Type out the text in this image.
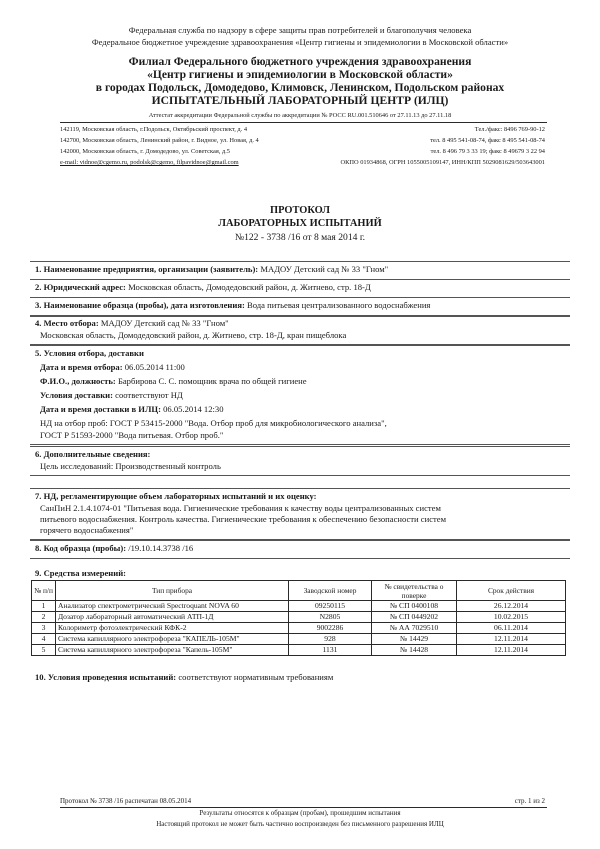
Федеральная служба по надзору в сфере защиты прав потребителей и благополучия человека
Федеральное бюджетное учреждение здравоохранения «Центр гигиены и эпидемиологии в Московской области»
Филиал Федерального бюджетного учреждения здравоохранения
«Центр гигиены и эпидемиологии в Московской области»
в городах Подольск, Домодедово, Климовск, Ленинском, Подольском районах
ИСПЫТАТЕЛЬНЫЙ ЛАБОРАТОРНЫЙ ЦЕНТР (ИЛЦ)
Аттестат аккредитации Федеральной службы по аккредитации № РОСС RU.001.510646 от 27.11.13 до 27.11.18
142119, Московская область, г.Подольск, Октябрьский проспект, д. 4
142700, Московская область, Ленинский район, г. Видное, ул. Новая, д. 4
142000, Московская область, г. Домодедово, ул. Советская, д.5
e-mail: vidnoe@cgemo.ru, podolsk@cgemo, filpavidnoe@gmail.com
Тел./факс: 8496 769-90-12
тел. 8 495 541-08-74, факс 8 495 541-08-74
тел. 8 496 79 3 33 19; факс 8 49679 3 22 94
ОКПО 01934868, ОГРН 1055005109147, ИНН/КПП 5029081629/503643001
ПРОТОКОЛ
ЛАБОРАТОРНЫХ ИСПЫТАНИЙ
№122 - 3738 /16 от 8 мая 2014 г.
1. Наименование предприятия, организации (заявитель): МАДОУ Детский сад № 33 "Гном"
2. Юридический адрес: Московская область, Домодедовский район, д. Житнево, стр. 18-Д
3. Наименование образца (пробы), дата изготовления: Вода питьевая централизованного водоснабжения
4. Место отбора: МАДОУ Детский сад № 33 "Гном"
Московская область, Домодедовский район, д. Житнево, стр. 18-Д, кран пищеблока
5. Условия отбора, доставки
Дата и время отбора: 06.05.2014 11:00
Ф.И.О., должность: Барбирова С. С. помощник врача по общей гигиене
Условия доставки: соответствуют НД
Дата и время доставки в ИЛЦ: 06.05.2014 12:30
НД на отбор проб: ГОСТ Р 53415-2000 "Вода. Отбор проб для микробиологического анализа",
ГОСТ Р 51593-2000 "Вода питьевая. Отбор проб."
6. Дополнительные сведения:
Цель исследований: Производственный контроль
7. НД, регламентирующие объем лабораторных испытаний и их оценку:
СанПиН 2.1.4.1074-01 "Питьевая вода. Гигиенические требования к качеству воды централизованных систем
питьевого водоснабжения. Контроль качества. Гигиенические требования к обеспечению безопасности систем
горячего водоснабжения"
8. Код образца (пробы): /19.10.14.3738 /16
9. Средства измерений:
№ п/п	Тип прибора	Заводской номер	№ свидетельства о поверке	Срок действия
1	Анализатор спектрометрический Spectroquant NOVA 60	09250115	№ СП 0400108	26.12.2014
2	Дозатор лабораторный автоматический АТП-1Д	N2805	№ СП 0449202	10.02.2015
3	Колориметр фотоэлектрический КФК-2	9002286	№ АА 7029510	06.11.2014
4	Система капиллярного электрофореза "КАПЕЛЬ-105М"	928	№ 14429	12.11.2014
5	Система капиллярного электрофореза "Капель-105М"	1131	№ 14428	12.11.2014
10. Условия проведения испытаний: соответствуют нормативным требованиям
Протокол № 3738 /16 распечатан 08.05.2014	стр. 1 из 2
Результаты относятся к образцам (пробам), прошедшим испытания
Настоящий протокол не может быть частично воспроизведен без письменного разрешения ИЛЦ
